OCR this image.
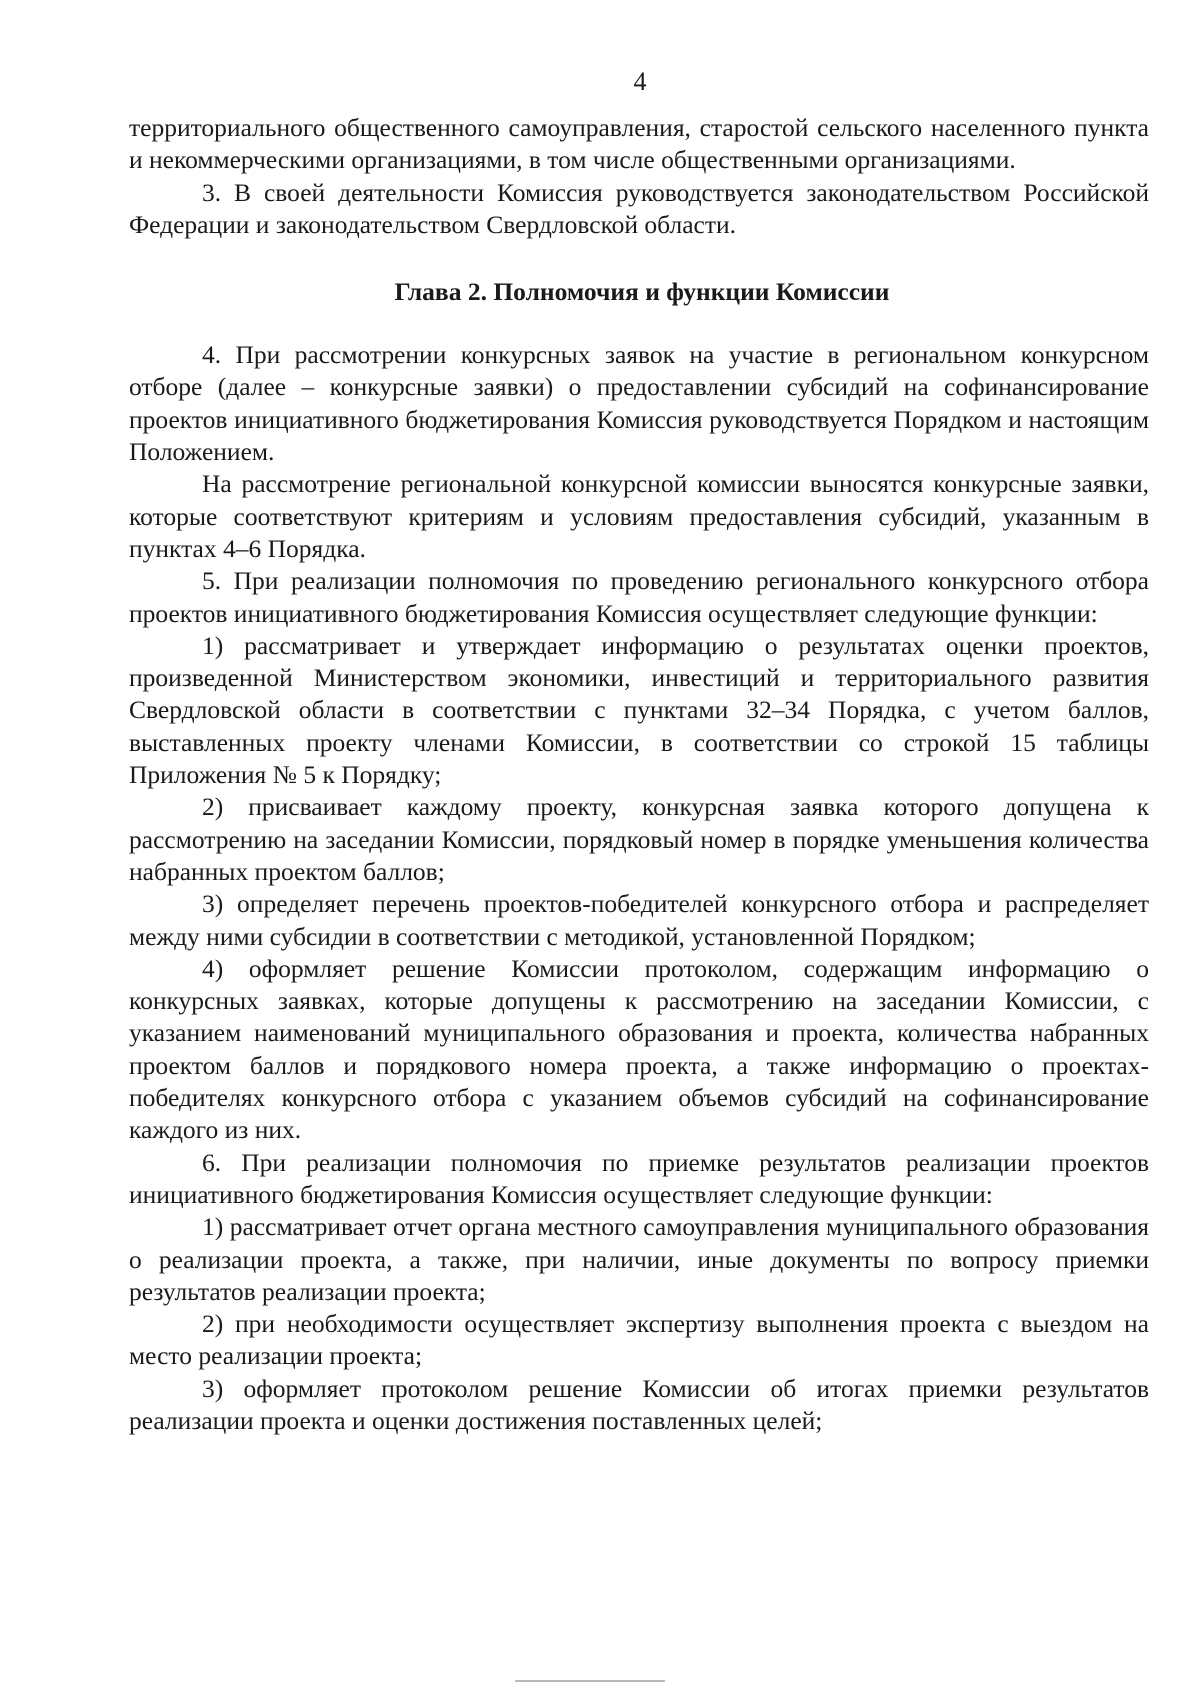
4

территориального общественного самоуправления, старостой сельского населенного пункта и некоммерческими организациями, в том числе общественными организациями.

3. В своей деятельности Комиссия руководствуется законодательством Российской Федерации и законодательством Свердловской области.

Глава 2. Полномочия и функции Комиссии

4. При рассмотрении конкурсных заявок на участие в региональном конкурсном отборе (далее – конкурсные заявки) о предоставлении субсидий на софинансирование проектов инициативного бюджетирования Комиссия руководствуется Порядком и настоящим Положением.

На рассмотрение региональной конкурсной комиссии выносятся конкурсные заявки, которые соответствуют критериям и условиям предоставления субсидий, указанным в пунктах 4–6 Порядка.

5. При реализации полномочия по проведению регионального конкурсного отбора проектов инициативного бюджетирования Комиссия осуществляет следующие функции:

1) рассматривает и утверждает информацию о результатах оценки проектов, произведенной Министерством экономики, инвестиций и территориального развития Свердловской области в соответствии с пунктами 32–34 Порядка, с учетом баллов, выставленных проекту членами Комиссии, в соответствии со строкой 15 таблицы Приложения № 5 к Порядку;

2) присваивает каждому проекту, конкурсная заявка которого допущена к рассмотрению на заседании Комиссии, порядковый номер в порядке уменьшения количества набранных проектом баллов;

3) определяет перечень проектов-победителей конкурсного отбора и распределяет между ними субсидии в соответствии с методикой, установленной Порядком;

4) оформляет решение Комиссии протоколом, содержащим информацию о конкурсных заявках, которые допущены к рассмотрению на заседании Комиссии, с указанием наименований муниципального образования и проекта, количества набранных проектом баллов и порядкового номера проекта, а также информацию о проектах-победителях конкурсного отбора с указанием объемов субсидий на софинансирование каждого из них.

6. При реализации полномочия по приемке результатов реализации проектов инициативного бюджетирования Комиссия осуществляет следующие функции:

1) рассматривает отчет органа местного самоуправления муниципального образования о реализации проекта, а также, при наличии, иные документы по вопросу приемки результатов реализации проекта;

2) при необходимости осуществляет экспертизу выполнения проекта с выездом на место реализации проекта;

3) оформляет протоколом решение Комиссии об итогах приемки результатов реализации проекта и оценки достижения поставленных целей;
